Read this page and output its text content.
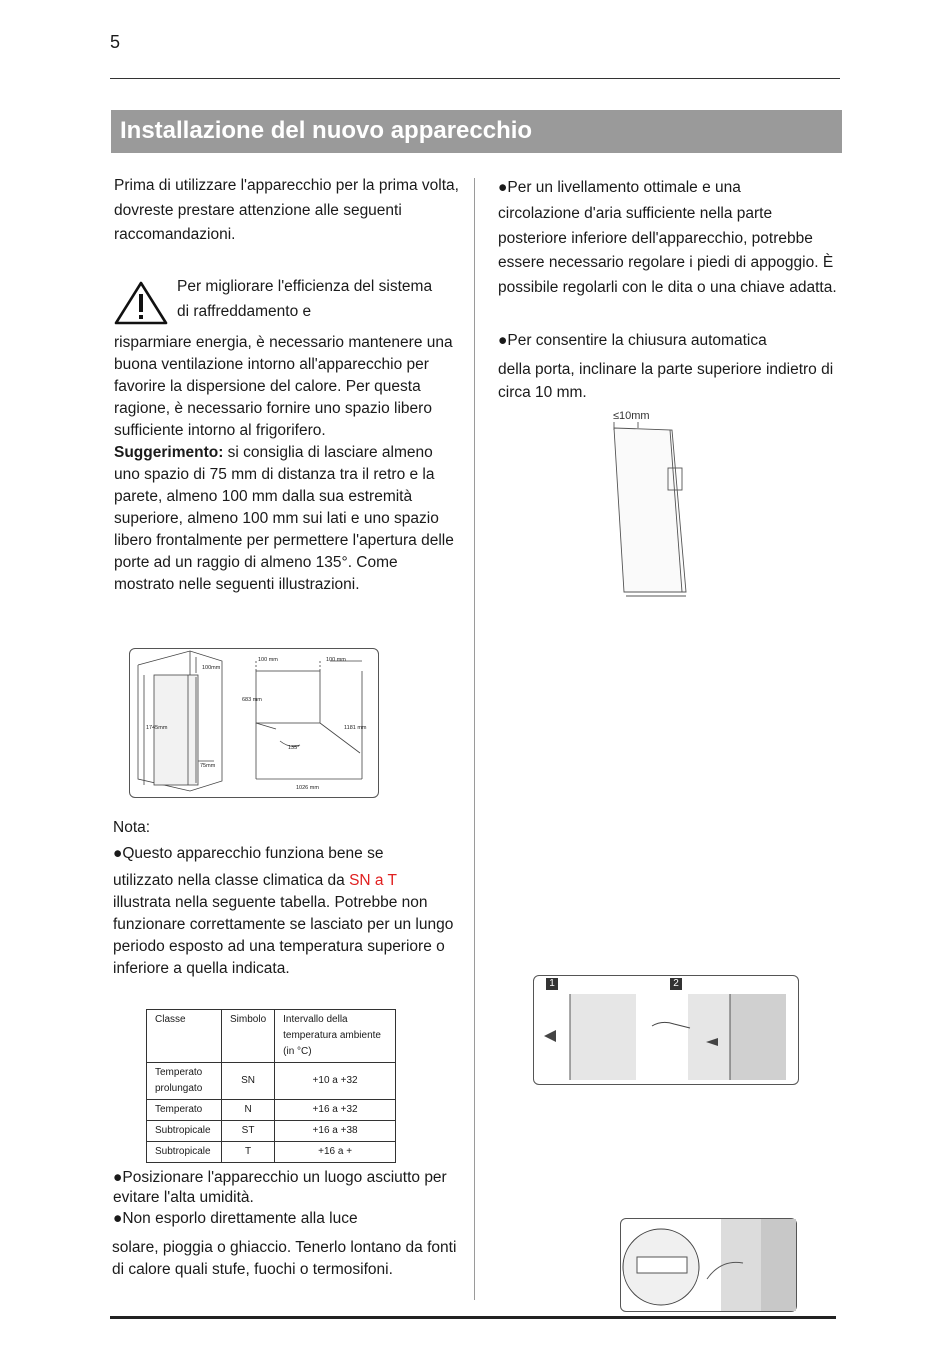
5
Installazione del nuovo apparecchio
Prima di utilizzare l'apparecchio per la prima volta, dovreste prestare attenzione alle seguenti raccomandazioni.
Per migliorare l'efficienza del sistema di raffreddamento e
risparmiare energia, è necessario mantenere una buona ventilazione intorno all'apparecchio per favorire la dispersione del calore. Per questa ragione, è necessario fornire uno spazio libero sufficiente intorno al frigorifero.
Suggerimento: si consiglia di lasciare almeno uno spazio di 75 mm di distanza tra il retro e la parete, almeno 100 mm dalla sua estremità superiore, almeno 100 mm sui lati e uno spazio libero frontalmente per permettere l'apertura delle porte ad un raggio di almeno 135°. Come mostrato nelle seguenti illustrazioni.
100 mm	100 mm
100mm
1745mm
75mm
683 mm
1181 mm
1026 mm
135°
Nota:
●Questo apparecchio funziona bene se
utilizzato nella classe climatica da SN a T illustrata nella seguente tabella. Potrebbe non funzionare correttamente se lasciato per un lungo periodo esposto ad una temperatura superiore o inferiore a quella indicata.
Classe	Simbolo	Intervallo della temperatura ambiente (in °C)
Temperato prolungato	SN	+10 a +32
Temperato	N	+16 a +32
Subtropicale	ST	+16 a +38
Subtropicale	T	+16 a +
●Posizionare l'apparecchio un luogo asciutto per evitare l'alta umidità.
●Non esporlo direttamente alla luce
solare, pioggia o ghiaccio. Tenerlo lontano da fonti di calore quali stufe, fuochi o termosifoni.
●Per un livellamento ottimale e una
circolazione d'aria sufficiente nella parte posteriore inferiore dell'apparecchio, potrebbe essere necessario regolare i piedi di appoggio. È possibile regolarli con le dita o una chiave adatta.
●Per consentire la chiusura automatica
della porta, inclinare la parte superiore indietro di circa 10 mm.
≤10mm
1	2
